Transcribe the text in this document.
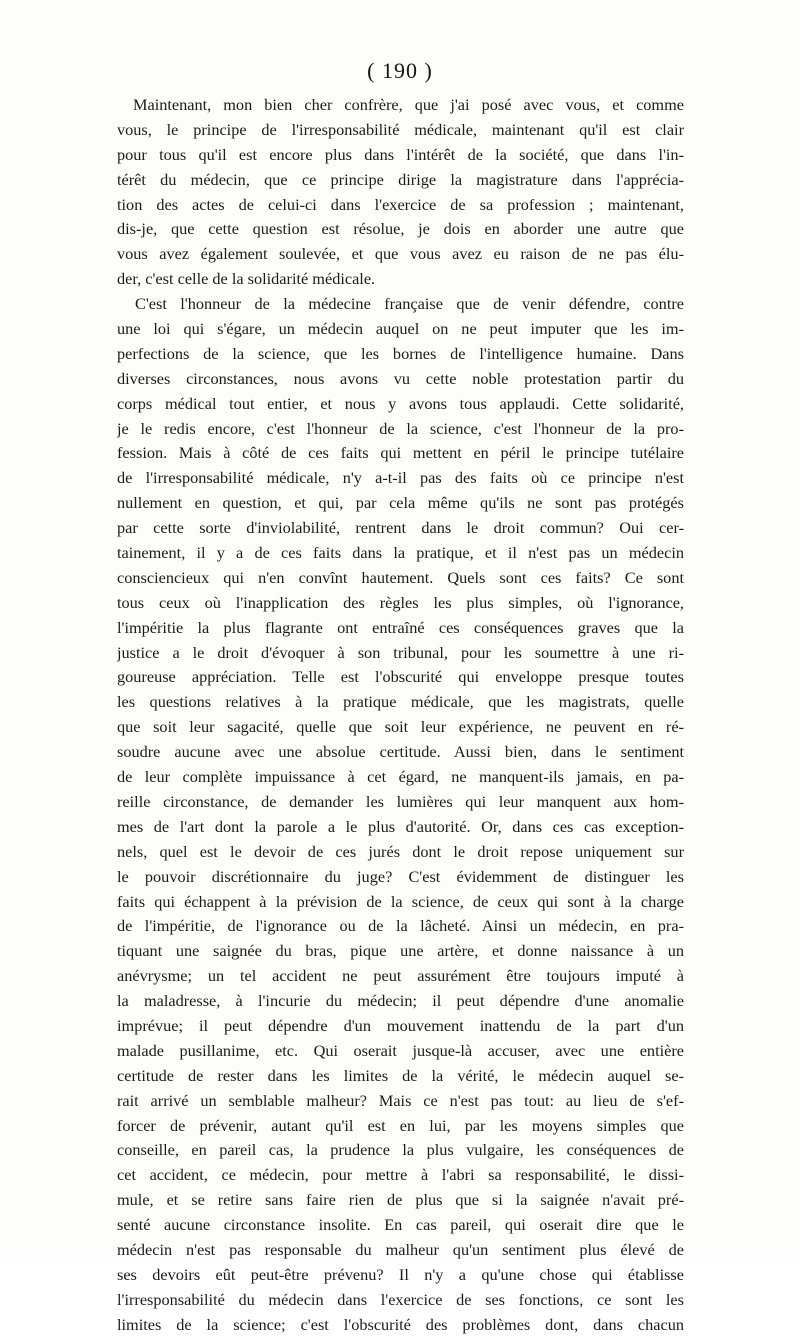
( 190 )
Maintenant, mon bien cher confrère, que j'ai posé avec vous, et comme
vous, le principe de l'irresponsabilité médicale, maintenant qu'il est clair
pour tous qu'il est encore plus dans l'intérêt de la société, que dans l'in-
térêt du médecin, que ce principe dirige la magistrature dans l'apprécia-
tion des actes de celui-ci dans l'exercice de sa profession ; maintenant,
dis-je, que cette question est résolue, je dois en aborder une autre que
vous avez également soulevée, et que vous avez eu raison de ne pas élu-
der, c'est celle de la solidarité médicale.
C'est l'honneur de la médecine française que de venir défendre, contre
une loi qui s'égare, un médecin auquel on ne peut imputer que les im-
perfections de la science, que les bornes de l'intelligence humaine. Dans
diverses circonstances, nous avons vu cette noble protestation partir du
corps médical tout entier, et nous y avons tous applaudi. Cette solidarité,
je le redis encore, c'est l'honneur de la science, c'est l'honneur de la pro-
fession. Mais à côté de ces faits qui mettent en péril le principe tutélaire
de l'irresponsabilité médicale, n'y a-t-il pas des faits où ce principe n'est
nullement en question, et qui, par cela même qu'ils ne sont pas protégés
par cette sorte d'inviolabilité, rentrent dans le droit commun? Oui cer-
tainement, il y a de ces faits dans la pratique, et il n'est pas un médecin
consciencieux qui n'en convînt hautement. Quels sont ces faits? Ce sont
tous ceux où l'inapplication des règles les plus simples, où l'ignorance,
l'impéritie la plus flagrante ont entraîné ces conséquences graves que la
justice a le droit d'évoquer à son tribunal, pour les soumettre à une ri-
goureuse appréciation. Telle est l'obscurité qui enveloppe presque toutes
les questions relatives à la pratique médicale, que les magistrats, quelle
que soit leur sagacité, quelle que soit leur expérience, ne peuvent en ré-
soudre aucune avec une absolue certitude. Aussi bien, dans le sentiment
de leur complète impuissance à cet égard, ne manquent-ils jamais, en pa-
reille circonstance, de demander les lumières qui leur manquent aux hom-
mes de l'art dont la parole a le plus d'autorité. Or, dans ces cas exception-
nels, quel est le devoir de ces jurés dont le droit repose uniquement sur
le pouvoir discrétionnaire du juge? C'est évidemment de distinguer les
faits qui échappent à la prévision de la science, de ceux qui sont à la charge
de l'impéritie, de l'ignorance ou de la lâcheté. Ainsi un médecin, en pra-
tiquant une saignée du bras, pique une artère, et donne naissance à un
anévrysme; un tel accident ne peut assurément être toujours imputé à
la maladresse, à l'incurie du médecin; il peut dépendre d'une anomalie
imprévue; il peut dépendre d'un mouvement inattendu de la part d'un
malade pusillanime, etc. Qui oserait jusque-là accuser, avec une entière
certitude de rester dans les limites de la vérité, le médecin auquel se-
rait arrivé un semblable malheur? Mais ce n'est pas tout: au lieu de s'ef-
forcer de prévenir, autant qu'il est en lui, par les moyens simples que
conseille, en pareil cas, la prudence la plus vulgaire, les conséquences de
cet accident, ce médecin, pour mettre à l'abri sa responsabilité, le dissi-
mule, et se retire sans faire rien de plus que si la saignée n'avait pré-
senté aucune circonstance insolite. En cas pareil, qui oserait dire que le
médecin n'est pas responsable du malheur qu'un sentiment plus élevé de
ses devoirs eût peut-être prévenu? Il n'y a qu'une chose qui établisse
l'irresponsabilité du médecin dans l'exercice de ses fonctions, ce sont les
limites de la science; c'est l'obscurité des problèmes dont, dans chacun
